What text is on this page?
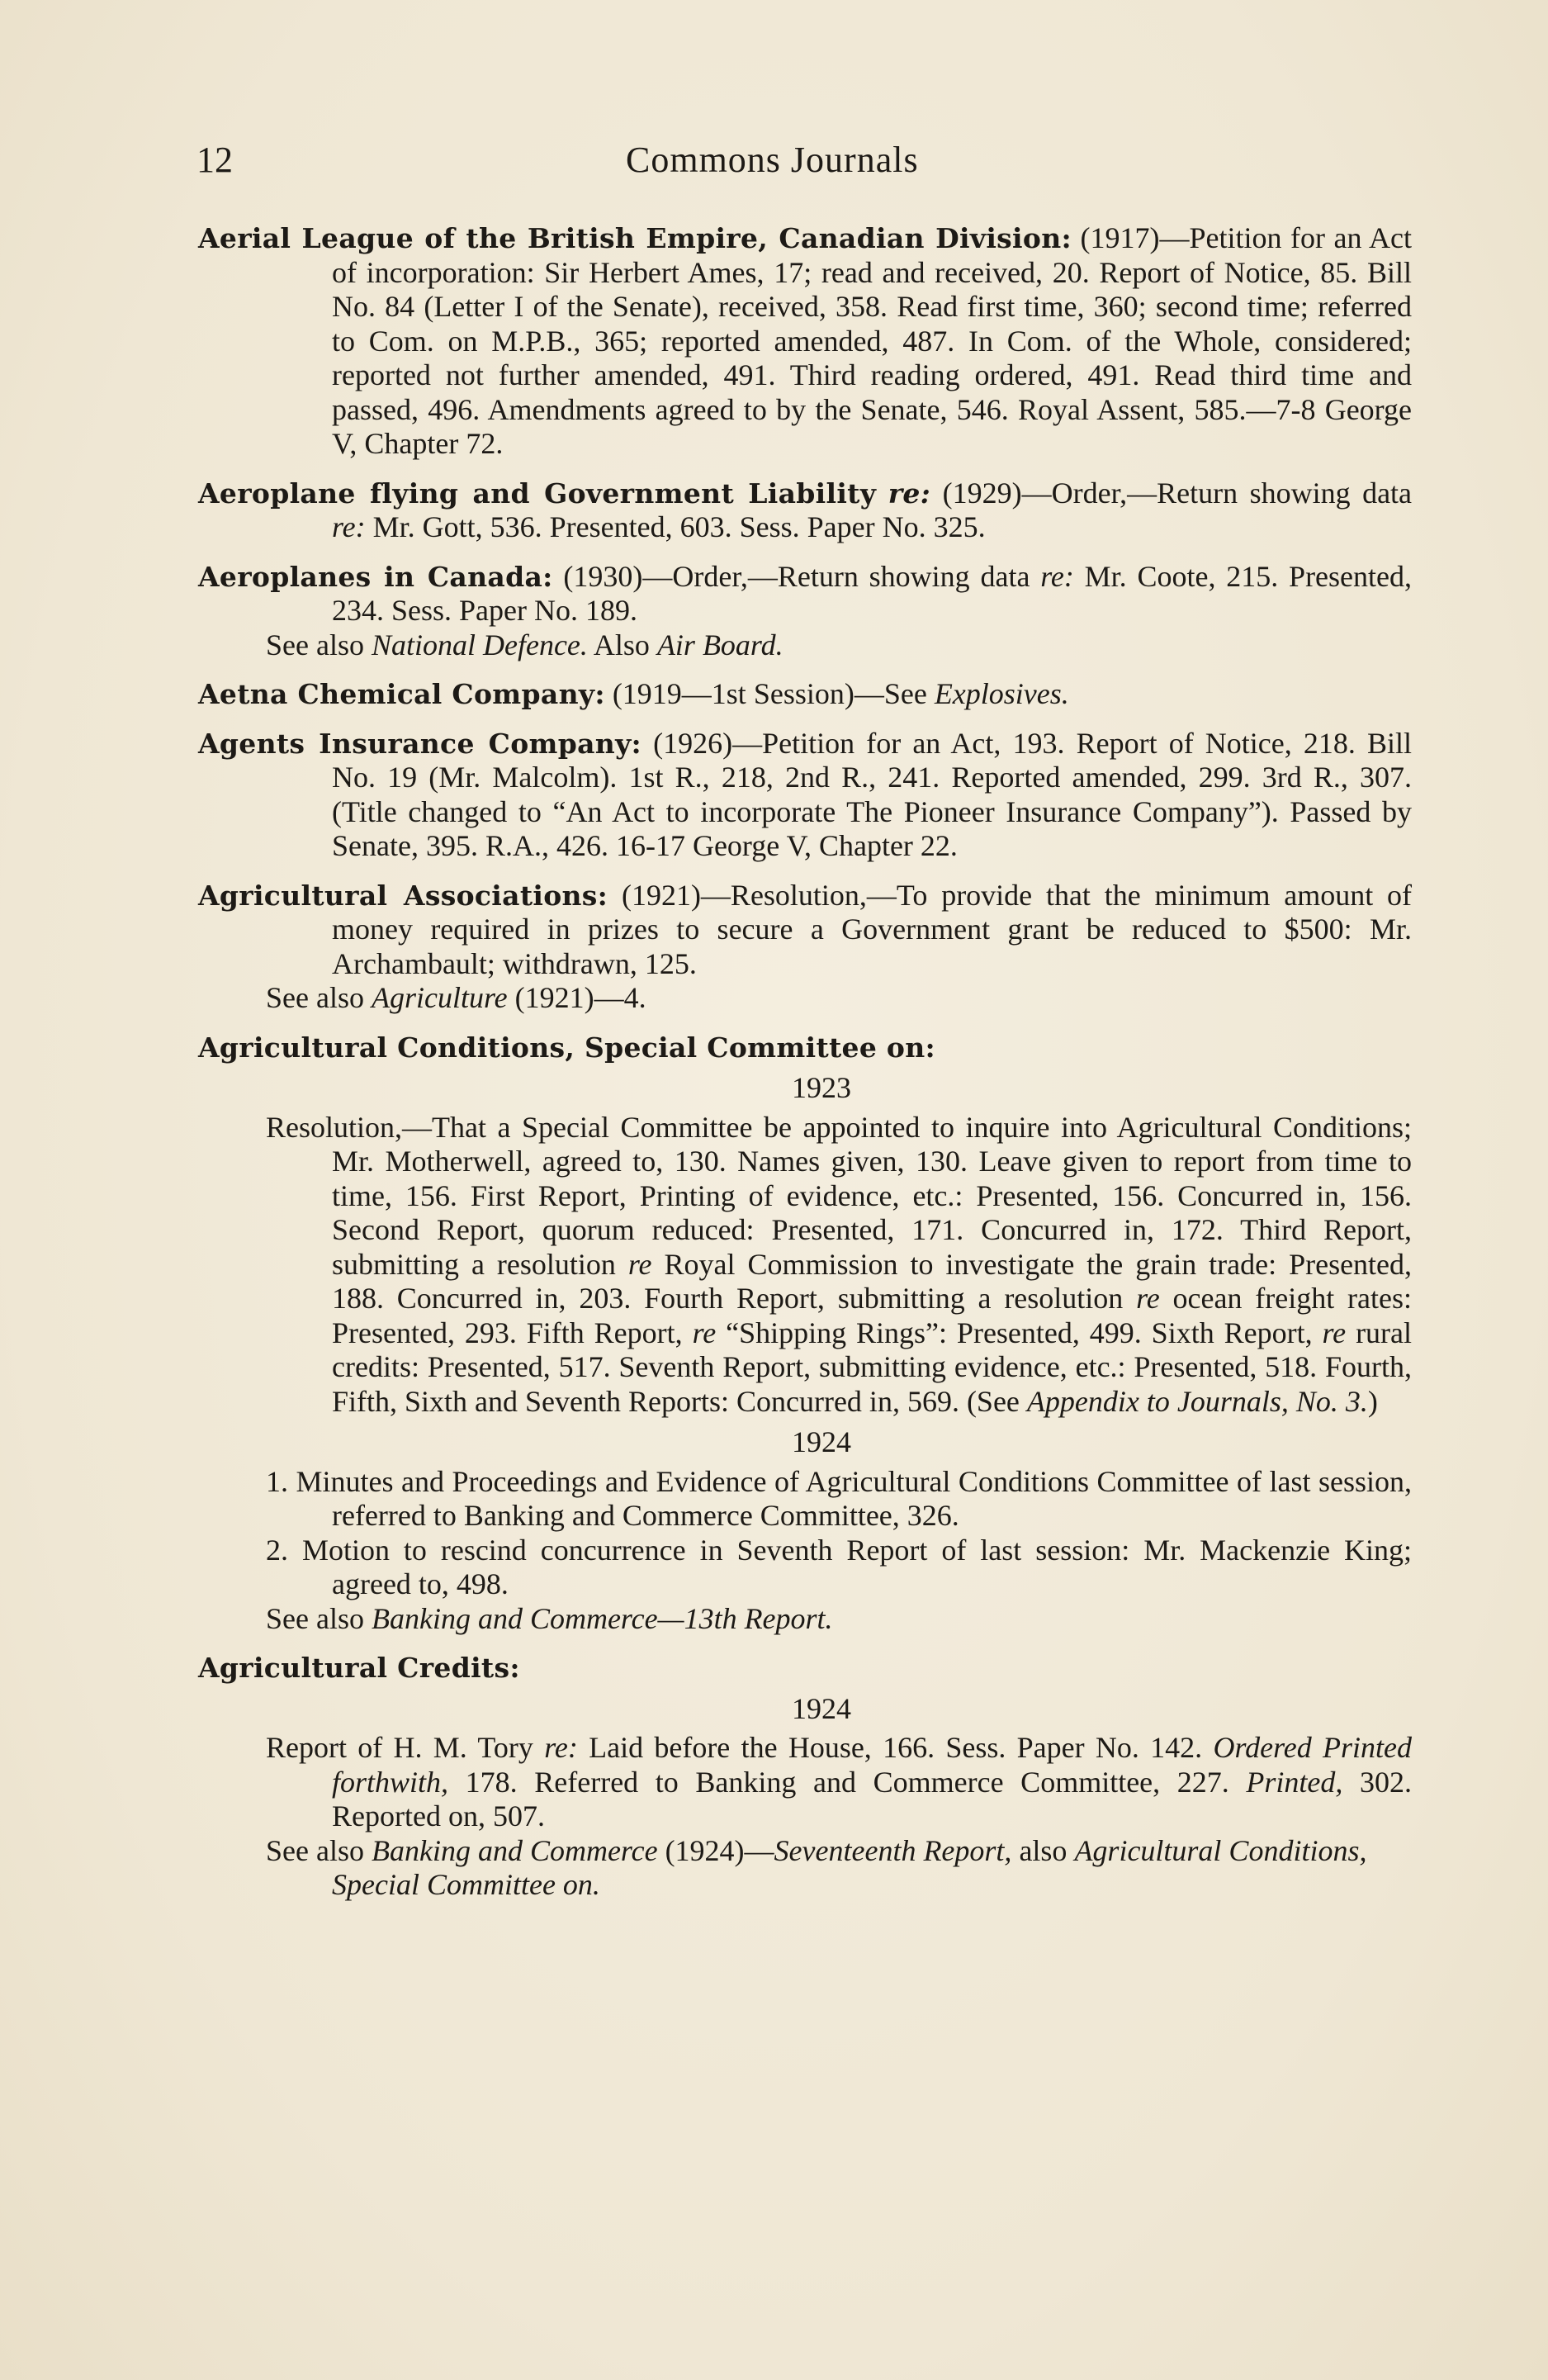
12	Commons Journals
Aerial League of the British Empire, Canadian Division: (1917)—Petition for an Act of incorporation: Sir Herbert Ames, 17; read and received, 20. Report of Notice, 85. Bill No. 84 (Letter I of the Senate), received, 358. Read first time, 360; second time; referred to Com. on M.P.B., 365; reported amended, 487. In Com. of the Whole, considered; reported not further amended, 491. Third reading ordered, 491. Read third time and passed, 496. Amendments agreed to by the Senate, 546. Royal Assent, 585.—7-8 George V, Chapter 72.
Aeroplane flying and Government Liability re: (1929)—Order,—Return showing data re: Mr. Gott, 536. Presented, 603. Sess. Paper No. 325.
Aeroplanes in Canada: (1930)—Order,—Return showing data re: Mr. Coote, 215. Presented, 234. Sess. Paper No. 189.
See also National Defence. Also Air Board.
Aetna Chemical Company: (1919—1st Session)—See Explosives.
Agents Insurance Company: (1926)—Petition for an Act, 193. Report of Notice, 218. Bill No. 19 (Mr. Malcolm). 1st R., 218, 2nd R., 241. Reported amended, 299. 3rd R., 307. (Title changed to “An Act to incorporate The Pioneer Insurance Company”). Passed by Senate, 395. R.A., 426. 16-17 George V, Chapter 22.
Agricultural Associations: (1921)—Resolution,—To provide that the minimum amount of money required in prizes to secure a Government grant be reduced to $500: Mr. Archambault; withdrawn, 125.
See also Agriculture (1921)—4.
Agricultural Conditions, Special Committee on:
1923
Resolution,—That a Special Committee be appointed to inquire into Agricultural Conditions; Mr. Motherwell, agreed to, 130. Names given, 130. Leave given to report from time to time, 156. First Report, Printing of evidence, etc.: Presented, 156. Concurred in, 156. Second Report, quorum reduced: Presented, 171. Concurred in, 172. Third Report, submitting a resolution re Royal Commission to investigate the grain trade: Presented, 188. Concurred in, 203. Fourth Report, submitting a resolution re ocean freight rates: Presented, 293. Fifth Report, re “Shipping Rings”: Presented, 499. Sixth Report, re rural credits: Presented, 517. Seventh Report, submitting evidence, etc.: Presented, 518. Fourth, Fifth, Sixth and Seventh Reports: Concurred in, 569. (See Appendix to Journals, No. 3.)
1924
1. Minutes and Proceedings and Evidence of Agricultural Conditions Committee of last session, referred to Banking and Commerce Committee, 326.
2. Motion to rescind concurrence in Seventh Report of last session: Mr. Mackenzie King; agreed to, 498.
See also Banking and Commerce—13th Report.
Agricultural Credits:
1924
Report of H. M. Tory re: Laid before the House, 166. Sess. Paper No. 142. Ordered Printed forthwith, 178. Referred to Banking and Commerce Committee, 227. Printed, 302. Reported on, 507.
See also Banking and Commerce (1924)—Seventeenth Report, also Agricultural Conditions, Special Committee on.
